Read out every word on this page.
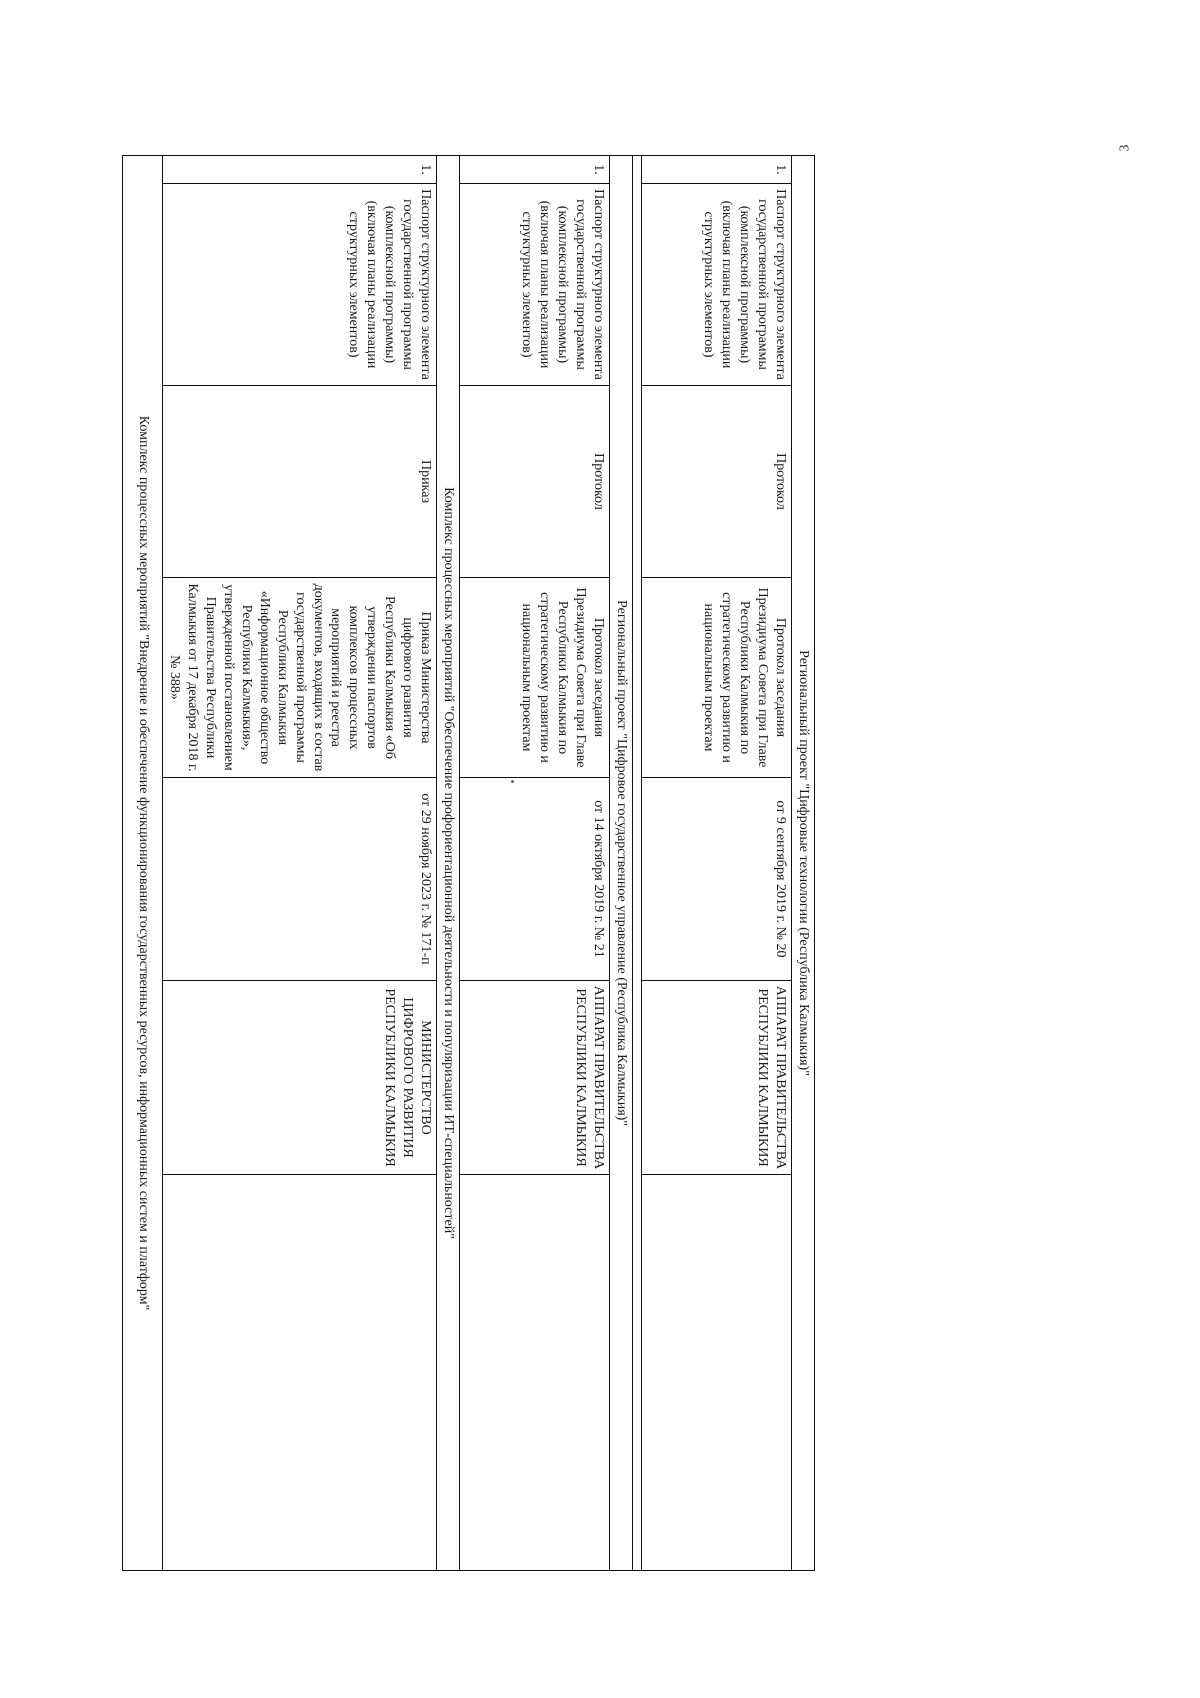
3
Региональный проект "Цифровые технологии (Республика Калмыкия)"						
1.	Паспорт структурного элемента государственной программы (комплексной программы) (включая планы реализации структурных элементов)	Протокол	Протокол заседания Президиума Совета при Главе Республики Калмыкия по стратегическому развитию и национальным проектам	от 9 сентября 2019 г. № 20	АППАРАТ ПРАВИТЕЛЬСТВА РЕСПУБЛИКИ КАЛМЫКИЯ	

Региональный проект "Цифровое государственное управление (Республика Калмыкия)"						
1.	Паспорт структурного элемента государственной программы (комплексной программы) (включая планы реализации структурных элементов)	Протокол	Протокол заседания Президиума Совета при Главе Республики Калмыкия по стратегическому развитию и национальным проектам	от 14 октября 2019 г. № 21	АППАРАТ ПРАВИТЕЛЬСТВА РЕСПУБЛИКИ КАЛМЫКИЯ	
Комплекс процессных мероприятий "Обеспечение профориентационной деятельности и популяризации ИТ-специальностей"						
1.	Паспорт структурного элемента государственной программы (комплексной программы) (включая планы реализации структурных элементов)	Приказ	Приказ Министерства цифрового развития Республики Калмыкия «Об утверждении паспортов комплексов процессных мероприятий и реестра документов, входящих в состав государственной программы Республики Калмыкия «Информационное общество Республики Калмыкия», утвержденной постановлением Правительства Республики Калмыкия от 17 декабря 2018 г. № 388»	от 29 ноября 2023 г. № 171-п	МИНИСТЕРСТВО ЦИФРОВОГО РАЗВИТИЯ РЕСПУБЛИКИ КАЛМЫКИЯ	
Комплекс процессных мероприятий "Внедрение и обеспечение функционирования государственных ресурсов, информационных систем и платформ"						
